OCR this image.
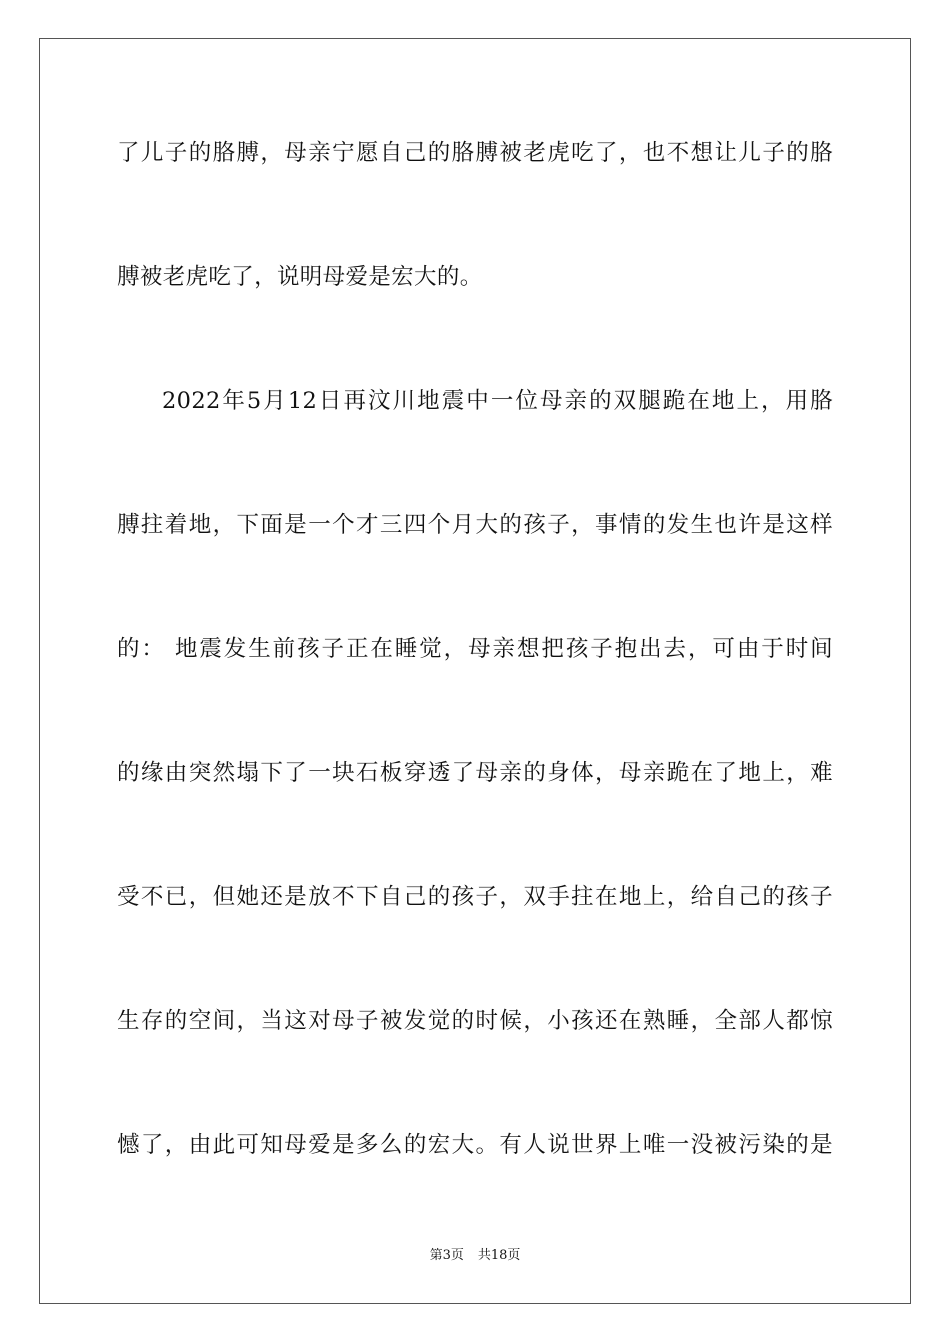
了儿子的胳膊，母亲宁愿自己的胳膊被老虎吃了，也不想让儿子的胳
膊被老虎吃了，说明母爱是宏大的。
2022年5月12日再汶川地震中一位母亲的双腿跪在地上，用胳
膊拄着地，下面是一个才三四个月大的孩子，事情的发生也许是这样
的： 地震发生前孩子正在睡觉，母亲想把孩子抱出去，可由于时间
的缘由突然塌下了一块石板穿透了母亲的身体，母亲跪在了地上，难
受不已，但她还是放不下自己的孩子，双手拄在地上，给自己的孩子
生存的空间，当这对母子被发觉的时候，小孩还在熟睡，全部人都惊
憾了，由此可知母爱是多么的宏大。有人说世界上唯一没被污染的是
第3页 共18页
